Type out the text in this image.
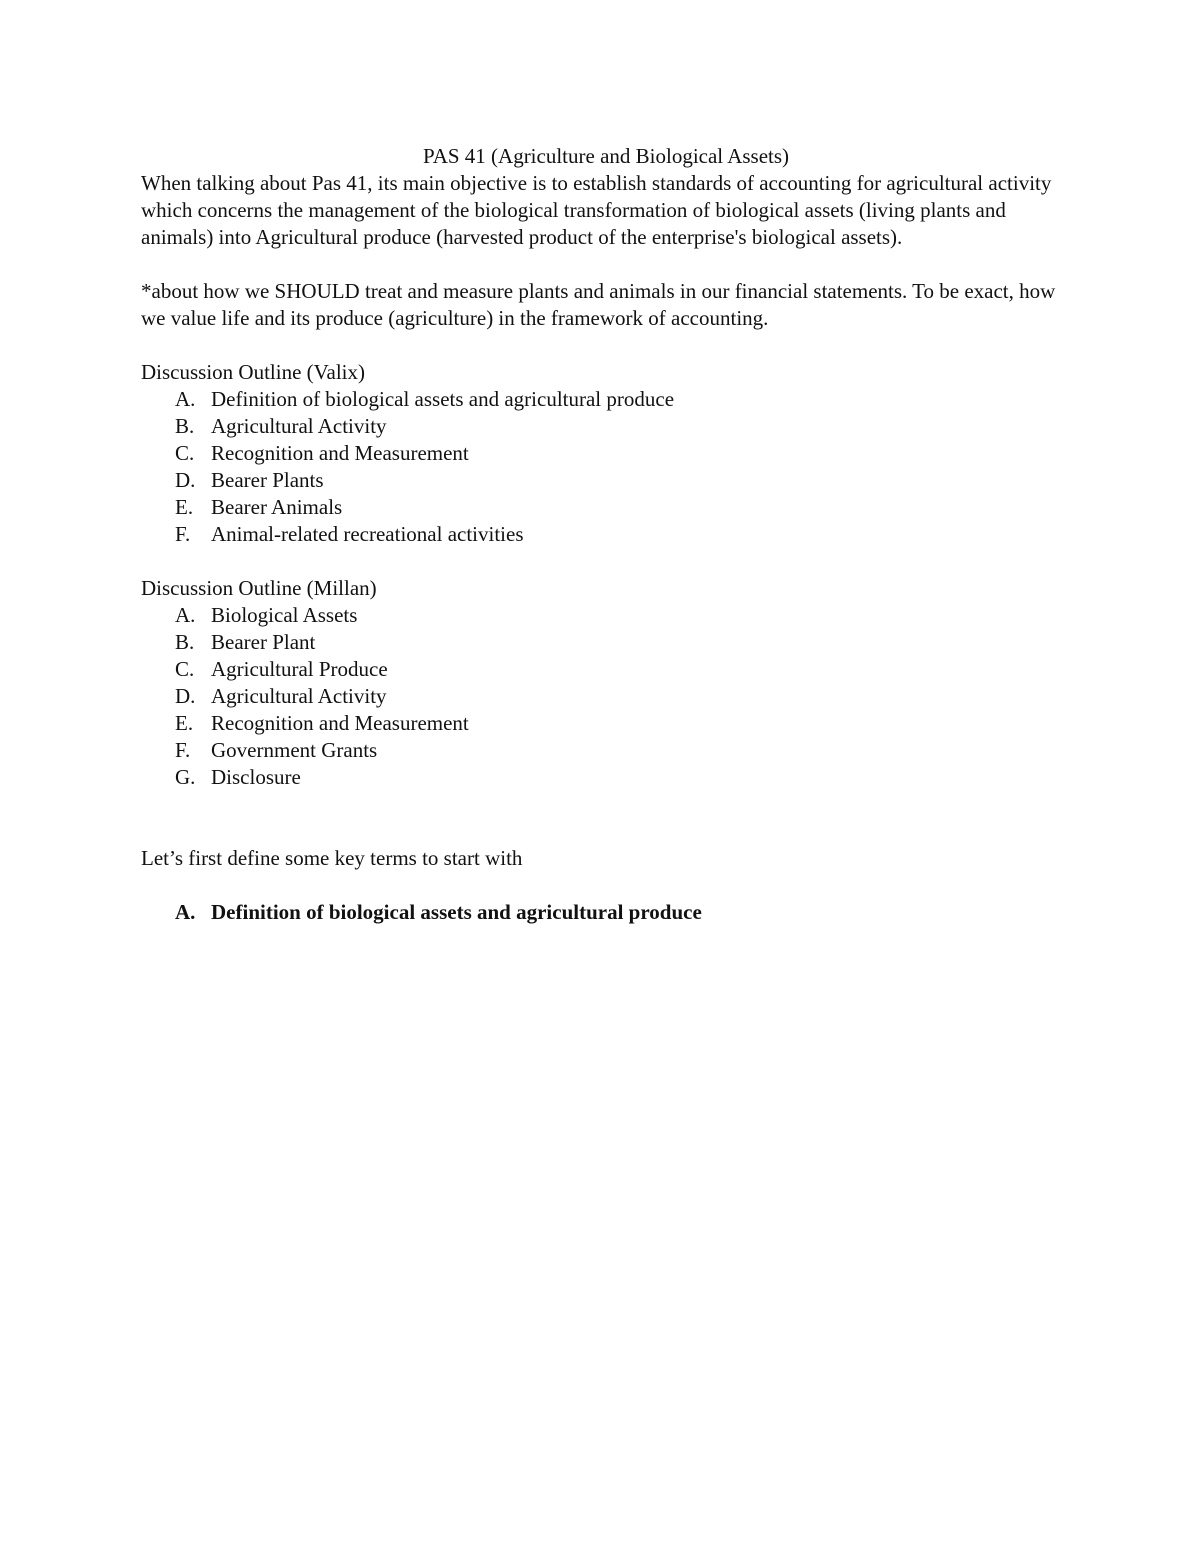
PAS 41 (Agriculture and Biological Assets)

When talking about Pas 41, its main objective is to establish standards of accounting for agricultural activity which concerns the management of the biological transformation of biological assets (living plants and animals) into Agricultural produce (harvested product of the enterprise's biological assets).

*about how we SHOULD treat and measure plants and animals in our financial statements. To be exact, how we value life and its produce (agriculture) in the framework of accounting.

Discussion Outline (Valix)

A. Definition of biological assets and agricultural produce
B. Agricultural Activity
C. Recognition and Measurement
D. Bearer Plants
E. Bearer Animals
F. Animal-related recreational activities

Discussion Outline (Millan)

A. Biological Assets
B. Bearer Plant
C. Agricultural Produce
D. Agricultural Activity
E. Recognition and Measurement
F. Government Grants
G. Disclosure

Let’s first define some key terms to start with

A. Definition of biological assets and agricultural produce
